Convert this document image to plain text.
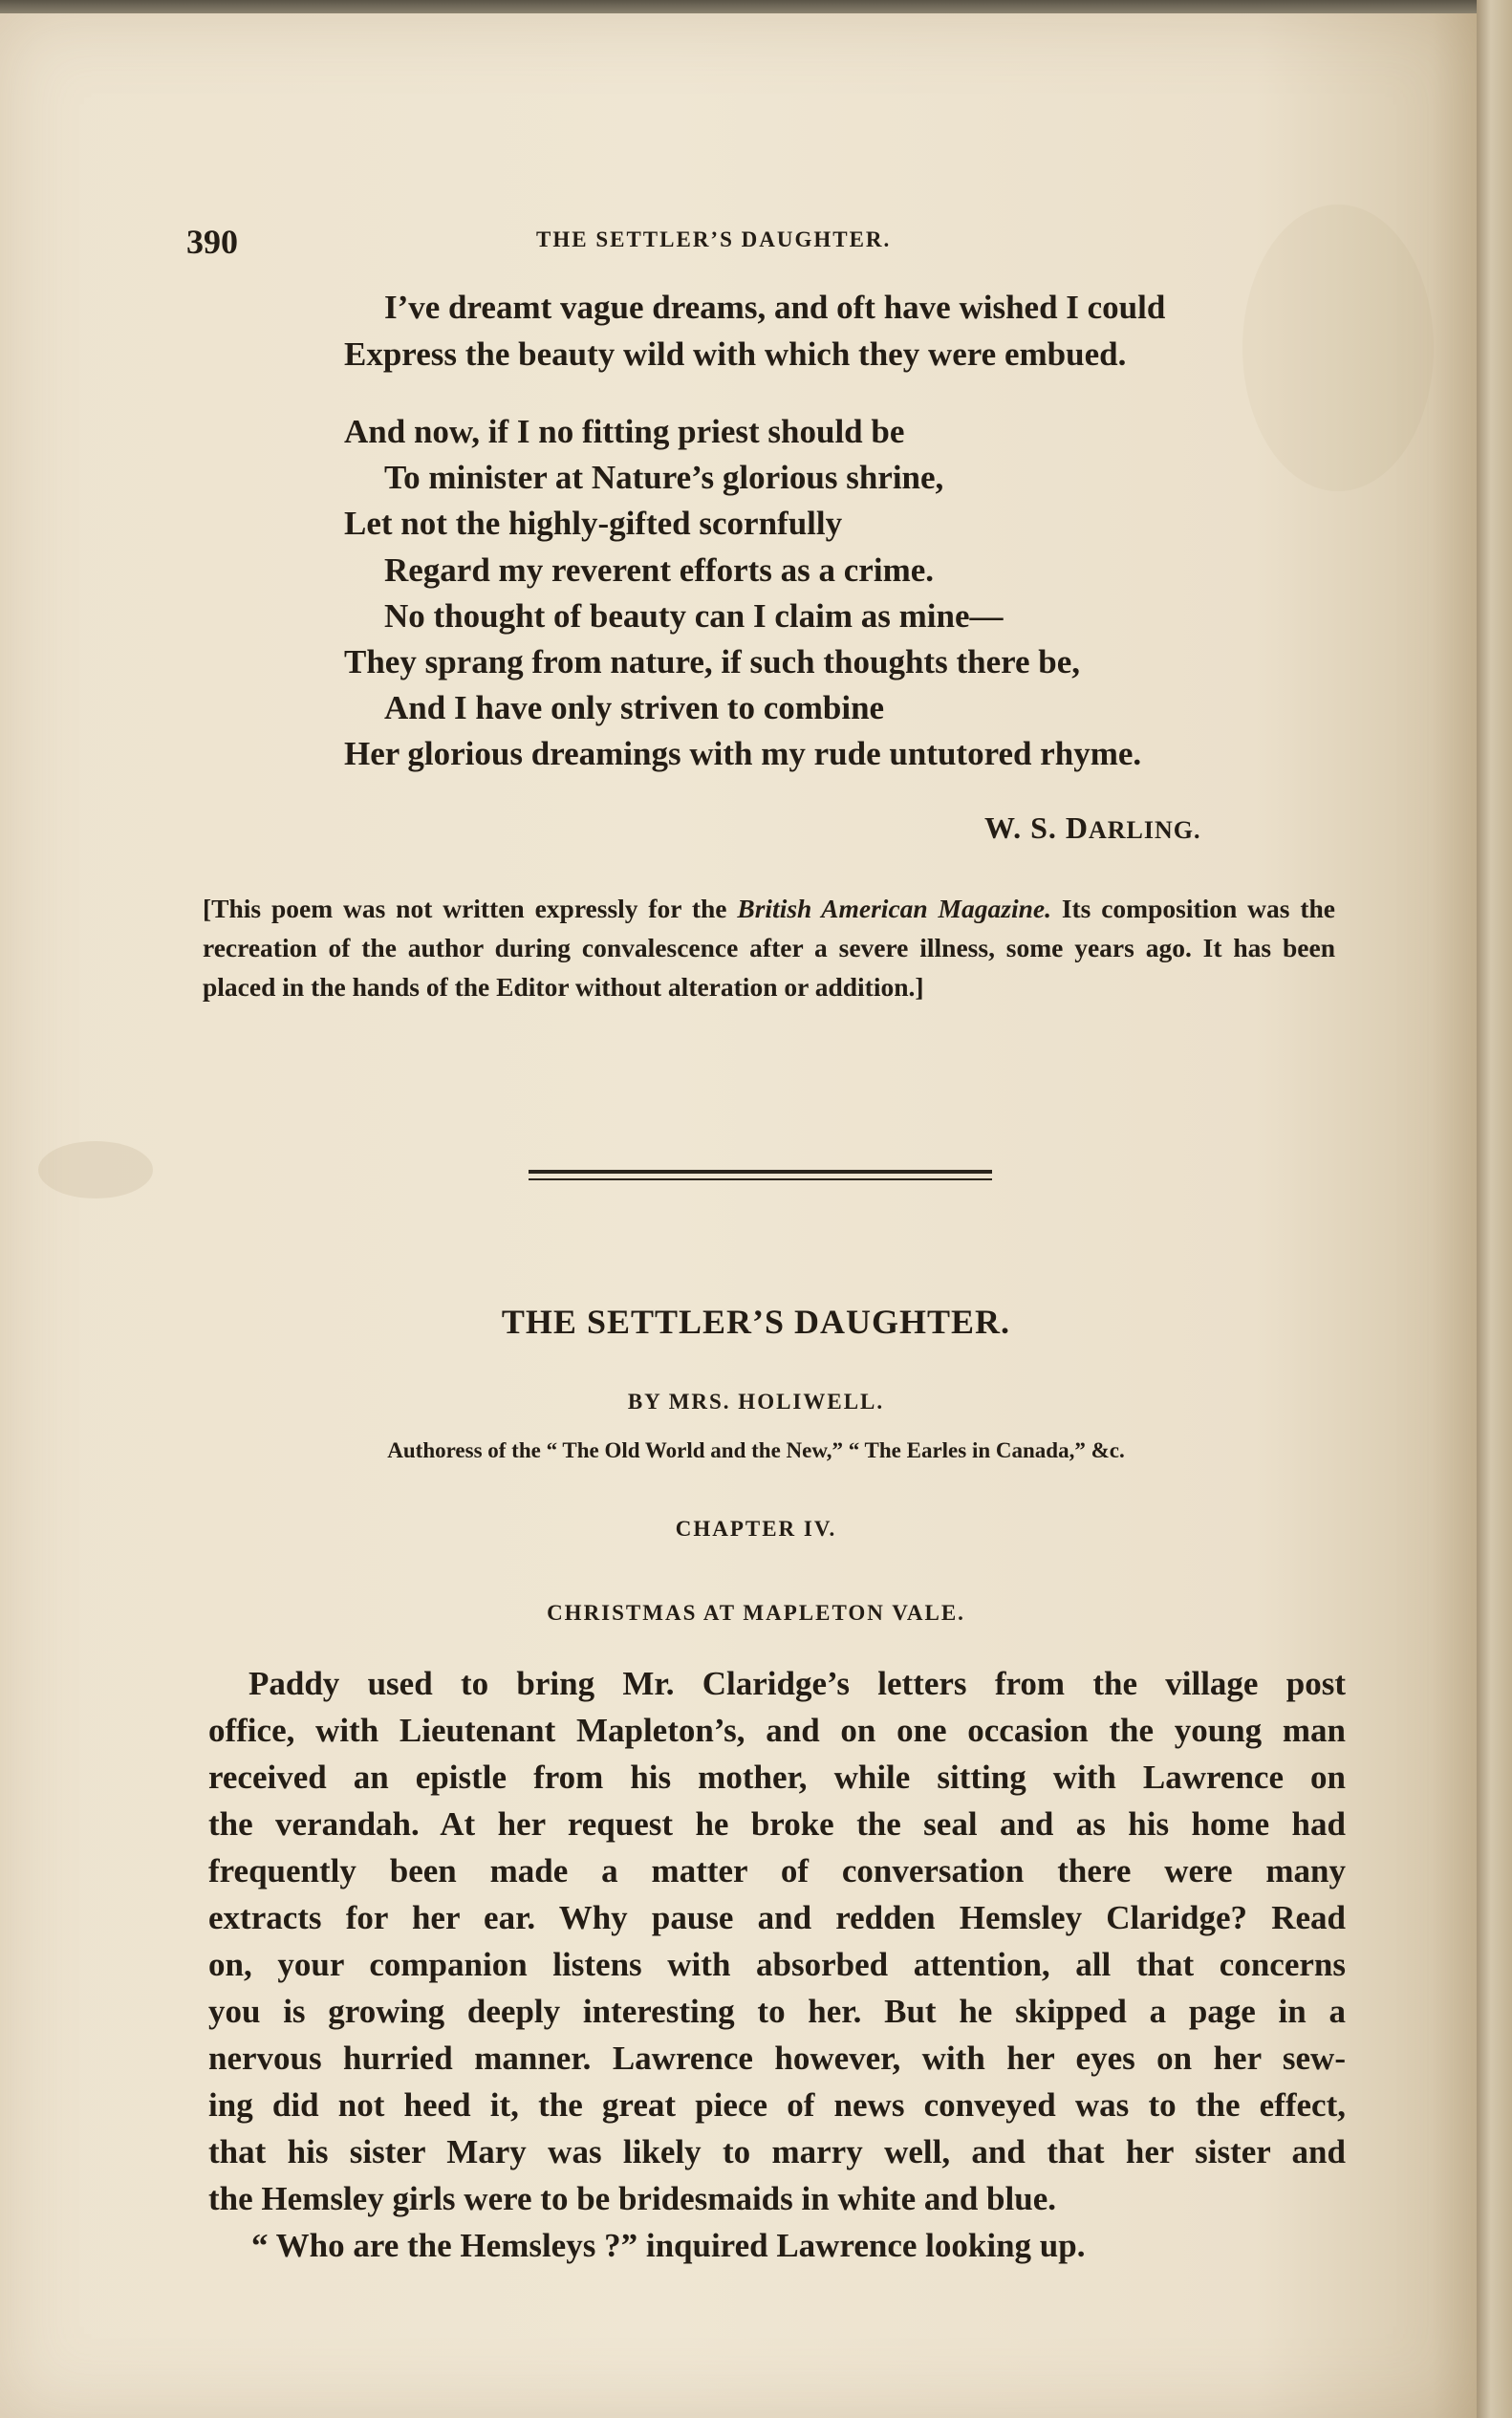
390	THE SETTLER’S DAUGHTER.
I’ve dreamt vague dreams, and oft have wished I could
Express the beauty wild with which they were embued.
And now, if I no fitting priest should be
To minister at Nature’s glorious shrine,
Let not the highly-gifted scornfully
Regard my reverent efforts as a crime.
No thought of beauty can I claim as mine—
They sprang from nature, if such thoughts there be,
And I have only striven to combine
Her glorious dreamings with my rude untutored rhyme.
W. S. DARLING.
[This poem was not written expressly for the British American Magazine. Its composition was the recreation of the author during convalescence after a severe illness, some years ago. It has been placed in the hands of the Editor without alteration or addition.]
THE SETTLER’S DAUGHTER.
BY MRS. HOLIWELL.
Authoress of the “ The Old World and the New,” “ The Earles in Canada,” &c.
CHAPTER IV.
CHRISTMAS AT MAPLETON VALE.
Paddy used to bring Mr. Claridge’s letters from the village post
office, with Lieutenant Mapleton’s, and on one occasion the young man
received an epistle from his mother, while sitting with Lawrence on
the verandah. At her request he broke the seal and as his home had
frequently been made a matter of conversation there were many
extracts for her ear. Why pause and redden Hemsley Claridge? Read
on, your companion listens with absorbed attention, all that concerns
you is growing deeply interesting to her. But he skipped a page in a
nervous hurried manner. Lawrence however, with her eyes on her sew-
ing did not heed it, the great piece of news conveyed was to the effect,
that his sister Mary was likely to marry well, and that her sister and
the Hemsley girls were to be bridesmaids in white and blue.
“ Who are the Hemsleys ?” inquired Lawrence looking up.
